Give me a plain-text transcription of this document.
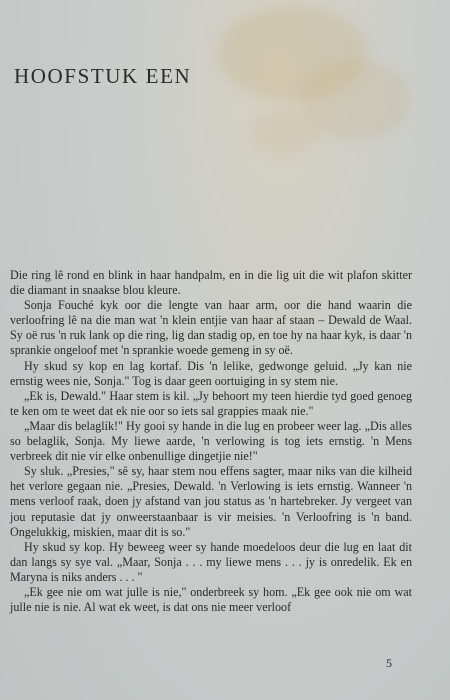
HOOFSTUK EEN

Die ring lê rond en blink in haar handpalm, en in die lig uit die wit plafon skitter die diamant in snaakse blou kleure.

Sonja Fouché kyk oor die lengte van haar arm, oor die hand waarin die verloofring lê na die man wat 'n klein entjie van haar af staan – Dewald de Waal. Sy oë rus 'n ruk lank op die ring, lig dan stadig op, en toe hy na haar kyk, is daar 'n sprankie ongeloof met 'n sprankie woede gemeng in sy oë.

Hy skud sy kop en lag kortaf. Dis 'n lelike, gedwonge geluid. „Jy kan nie ernstig wees nie, Sonja." Tog is daar geen oortuiging in sy stem nie.

„Ek is, Dewald." Haar stem is kil. „Jy behoort my teen hierdie tyd goed genoeg te ken om te weet dat ek nie oor so iets sal grappies maak nie."

„Maar dis belaglik!" Hy gooi sy hande in die lug en probeer weer lag. „Dis alles so belaglik, Sonja. My liewe aarde, 'n verlowing is tog iets ernstig. 'n Mens verbreek dit nie vir elke onbenullige dingetjie nie!"

Sy sluk. „Presies," sê sy, haar stem nou effens sagter, maar niks van die kilheid het verlore gegaan nie. „Presies, Dewald. 'n Verlowing is iets ernstig. Wanneer 'n mens verloof raak, doen jy afstand van jou status as 'n hartebreker. Jy vergeet van jou reputasie dat jy onweerstaanbaar is vir meisies. 'n Verloofring is 'n band. Ongelukkig, miskien, maar dit is so."

Hy skud sy kop. Hy beweeg weer sy hande moedeloos deur die lug en laat dit dan langs sy sye val. „Maar, Sonja . . . my liewe mens . . . jy is onredelik. Ek en Maryna is niks anders . . . "

„Ek gee nie om wat julle is nie," onderbreek sy hom. „Ek gee ook nie om wat julle nie is nie. Al wat ek weet, is dat ons nie meer verloof

5
